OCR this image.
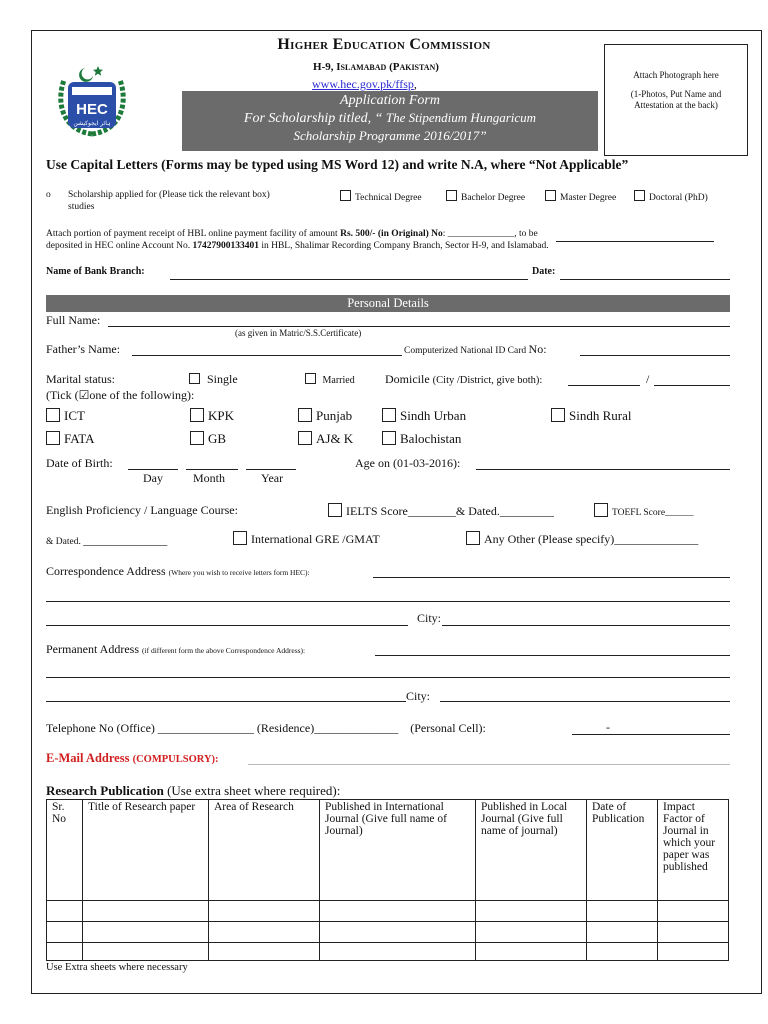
HEC
ہائر ایجوکیشن
Higher Education Commission
H-9, Islamabad (Pakistan)
www.hec.gov.pk/ffsp,
Application Form
For Scholarship titled, “ The Stipendium Hungaricum
Scholarship Programme 2016/2017”
Attach Photograph here
(1-Photos, Put Name and Attestation at the back)
Use Capital Letters (Forms may be typed using MS Word 12) and write N.A, where “Not Applicable”
o Scholarship applied for (Please tick the relevant box)
studies
Technical Degree	Bachelor Degree	Master Degree	Doctoral (PhD)
Attach portion of payment receipt of HBL online payment facility of amount Rs. 500/- (in Original) No: ______________, to be
deposited in HEC online Account No. 17427900133401 in HBL, Shalimar Recording Company Branch, Sector H-9, and Islamabad.
Name of Bank Branch:	Date:
Personal Details
Full Name:
(as given in Matric/S.S.Certificate)
Father’s Name:	Computerized National ID Card No:
Marital status:	Single	Married	Domicile (City /District, give both):	/
(Tick (☑one of the following):
ICT	KPK	Punjab	Sindh Urban	Sindh Rural
FATA	GB	AJ& K	Balochistan
Date of Birth:
Day	Month	Year
Age on (01-03-2016):
English Proficiency / Language Course:	IELTS Score________& Dated._________	TOEFL Score______
& Dated. ______________	International GRE /GMAT	Any Other (Please specify)______________
Correspondence Address (Where you wish to receive letters form HEC):
City:
Permanent Address (if different form the above Correspondence Address):
City:
Telephone No (Office) ________________ (Residence)______________ (Personal Cell):	-
E-Mail Address (COMPULSORY):
Research Publication (Use extra sheet where required):
Sr. No	Title of Research paper	Area of Research	Published in International Journal (Give full name of Journal)	Published in Local Journal (Give full name of journal)	Date of Publication	Impact Factor of Journal in which your paper was published

Use Extra sheets where necessary
